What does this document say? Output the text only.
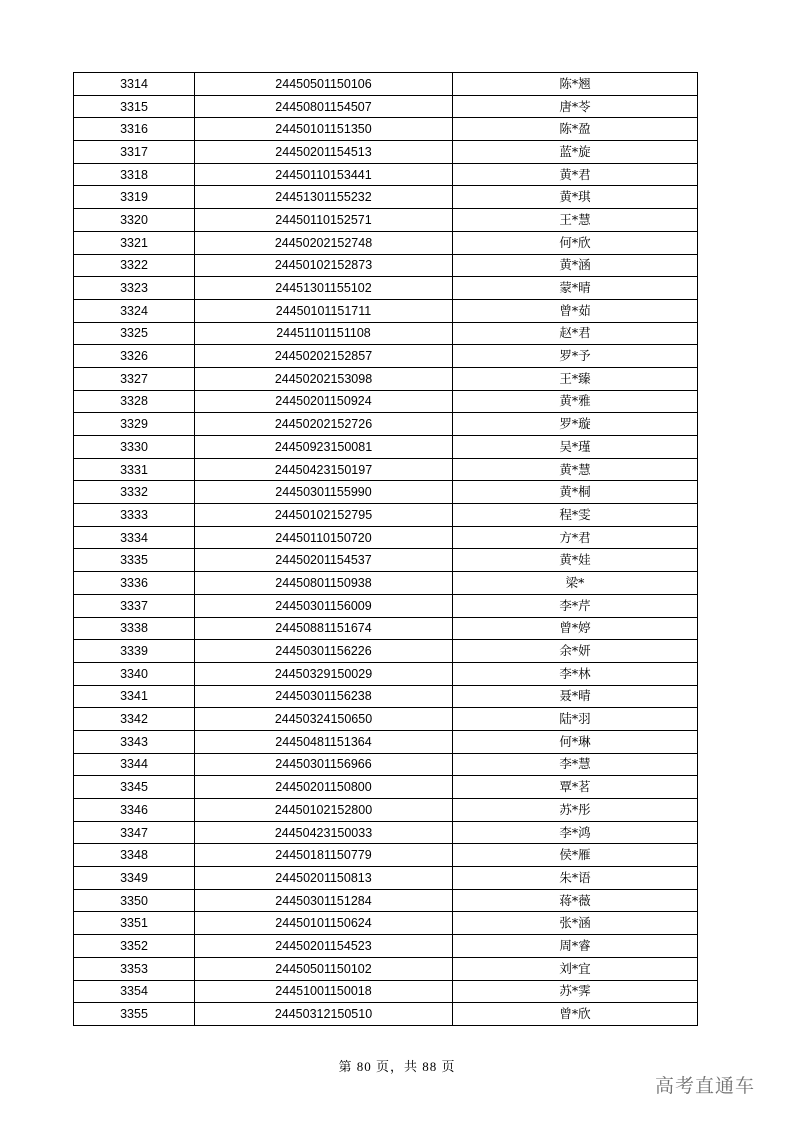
3314	24450501150106	陈*翘
3315	24450801154507	唐*苓
3316	24450101151350	陈*盈
3317	24450201154513	蓝*旋
3318	24450110153441	黄*君
3319	24451301155232	黄*琪
3320	24450110152571	王*慧
3321	24450202152748	何*欣
3322	24450102152873	黄*涵
3323	24451301155102	蒙*晴
3324	24450101151711	曾*茹
3325	24451101151108	赵*君
3326	24450202152857	罗*予
3327	24450202153098	王*臻
3328	24450201150924	黄*雅
3329	24450202152726	罗*璇
3330	24450923150081	吴*瑾
3331	24450423150197	黄*慧
3332	24450301155990	黄*桐
3333	24450102152795	程*雯
3334	24450110150720	方*君
3335	24450201154537	黄*娃
3336	24450801150938	梁*
3337	24450301156009	李*芹
3338	24450881151674	曾*婷
3339	24450301156226	余*妍
3340	24450329150029	李*林
3341	24450301156238	聂*晴
3342	24450324150650	陆*羽
3343	24450481151364	何*琳
3344	24450301156966	李*慧
3345	24450201150800	覃*茗
3346	24450102152800	苏*彤
3347	24450423150033	李*鸿
3348	24450181150779	侯*雁
3349	24450201150813	朱*语
3350	24450301151284	蒋*薇
3351	24450101150624	张*涵
3352	24450201154523	周*睿
3353	24450501150102	刘*宜
3354	24451001150018	苏*霁
3355	24450312150510	曾*欣
第 80 页，共 88 页
高考直通车
